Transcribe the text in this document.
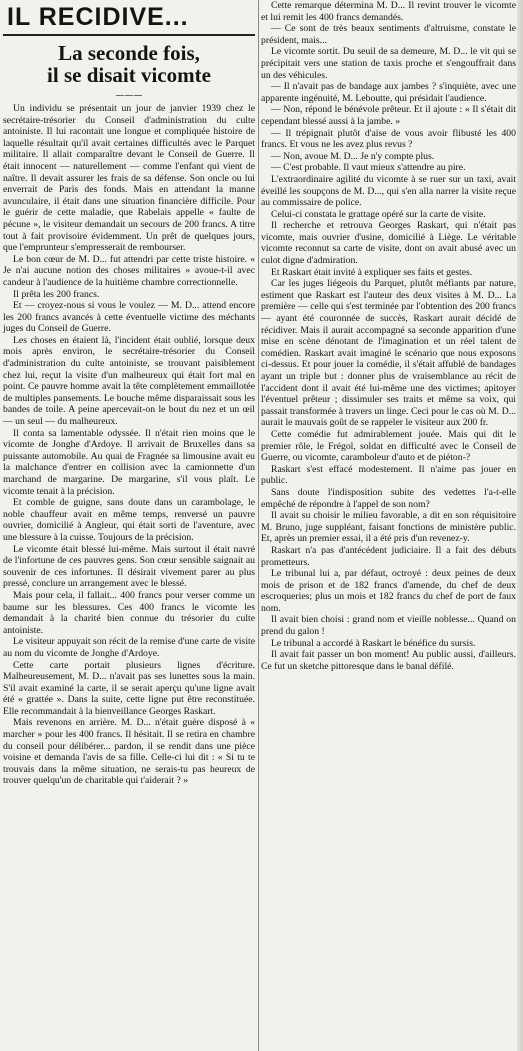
IL RECIDIVE...
La seconde fois,
il se disait vicomte
———

Un individu se présentait un jour de janvier 1939 chez le secrétaire-trésorier du Conseil d'administration du culte antoiniste. Il lui racontait une longue et compliquée histoire de laquelle résultait qu'il avait certaines difficultés avec le Parquet militaire. Il allait comparaître devant le Conseil de Guerre. Il était innocent — naturellement — comme l'enfant qui vient de naître. Il devait assurer les frais de sa défense. Son oncle ou lui enverrait de Paris des fonds. Mais en attendant la manne avunculaire, il était dans une situation financière difficile. Pour le guérir de cette maladie, que Rabelais appelle « faulte de pécune », le visiteur demandait un secours de 200 francs. A titre tout à fait provisoire évidemment. Un prêt de quelques jours, que l'emprunteur s'empresserait de rembourser.

Le bon cœur de M. D... fut attendri par cette triste histoire. « Je n'ai aucune notion des choses militaires » avoue-t-il avec candeur à l'audience de la huitième chambre correctionnelle.

Il prêta les 200 francs.

Et — croyez-nous si vous le voulez — M. D... attend encore les 200 francs avancés à cette éventuelle victime des méchants juges du Conseil de Guerre.

Les choses en étaient là, l'incident était oublié, lorsque deux mois après environ, le secrétaire-trésorier du Conseil d'administration du culte antoiniste, se trouvant paisiblement chez lui, reçut la visite d'un malheureux qui était fort mal en point. Ce pauvre homme avait la tête complètement emmaillotée de multiples pansements. Le bouche même disparaissait sous les bandes de toile. A peine apercevait-on le bout du nez et un œil — un seul — du malheureux.

Il conta sa lamentable odyssée. Il n'était rien moins que le vicomte de Jonghe d'Ardoye. Il arrivait de Bruxelles dans sa puissante automobile. Au quai de Fragnée sa limousine avait eu la malchance d'entrer en collision avec la camionnette d'un marchand de margarine. De margarine, s'il vous plaît. Le vicomte tenait à la précision.

Et comble de guigne, sans doute dans un carambolage, le noble chauffeur avait en même temps, renversé un pauvre ouvrier, domicilié à Angleur, qui était sorti de l'aventure, avec une blessure à la cuisse. Toujours de la précision.

Le vicomte était blessé lui-même. Mais surtout il était navré de l'infortune de ces pauvres gens. Son cœur sensible saignait au souvenir de ces infortunes. Il désirait vivement parer au plus pressé, conclure un arrangement avec le blessé.

Mais pour cela, il fallait... 400 francs pour verser comme un baume sur les blessures. Ces 400 francs le vicomte les demandait à la charité bien connue du trésorier du culte antoiniste.

Le visiteur appuyait son récit de la remise d'une carte de visite au nom du vicomte de Jonghe d'Ardoye.

Cette carte portait plusieurs lignes d'écriture. Malheureusement, M. D... n'avait pas ses lunettes sous la main. S'il avait examiné la carte, il se serait aperçu qu'une ligne avait été « grattée ». Dans la suite, cette ligne put être reconstituée. Elle recommandait à la bienveillance Georges Raskart.

Mais revenons en arrière. M. D... n'était guère disposé à « marcher » pour les 400 francs. Il hésitait. Il se retira en chambre du conseil pour délibérer... pardon, il se rendit dans une pièce voisine et demanda l'avis de sa fille. Celle-ci lui dit : « Si tu te trouvais dans la même situation, ne serais-tu pas heureux de trouver quelqu'un de charitable qui t'aiderait ? »

Cette remarque détermina M. D... Il revint trouver le vicomte et lui remit les 400 francs demandés.

— Ce sont de très beaux sentiments d'altruisme, constate le président, mais...

Le vicomte sortit. Du seuil de sa demeure, M. D... le vit qui se précipitait vers une station de taxis proche et s'engouffrait dans un des véhicules.

— Il n'avait pas de bandage aux jambes ? s'inquiète, avec une apparente ingénuité, M. Leboutte, qui présidait l'audience.

— Non, répond le bénévole prêteur. Et il ajoute : « Il s'était dit cependant blessé aussi à la jambe. »

— Il trépignait plutôt d'aise de vous avoir flibusté les 400 francs. Et vous ne les avez plus revus ?

— Non, avoue M. D... Je n'y compte plus.

— C'est probable. Il vaut mieux s'attendre au pire.

L'extraordinaire agilité du vicomte à se ruer sur un taxi, avait éveillé les soupçons de M. D..., qui s'en alla narrer la visite reçue au commissaire de police.

Celui-ci constata le grattage opéré sur la carte de visite.

Il recherche et retrouva Georges Raskart, qui n'était pas vicomte, mais ouvrier d'usine, domicilié à Liège. Le véritable vicomte reconnut sa carte de visite, dont on avait abusé avec un culot digne d'admiration.

Et Raskart était invité à expliquer ses faits et gestes.

Car les juges liégeois du Parquet, plutôt méfiants par nature, estiment que Raskart est l'auteur des deux visites à M. D... La première — celle qui s'est terminée par l'obtention des 200 francs — ayant été couronnée de succès, Raskart aurait décidé de récidiver. Mais il aurait accompagné sa seconde apparition d'une mise en scène dénotant de l'imagination et un réel talent de comédien. Raskart avait imaginé le scénario que nous exposons ci-dessus. Et pour jouer la comédie, il s'était affublé de bandages ayant un triple but : donner plus de vraisemblance au récit de l'accident dont il avait été lui-même une des victimes; apitoyer l'éventuel prêteur ; dissimuler ses traits et même sa voix, qui passait transformée à travers un linge. Ceci pour le cas où M. D... aurait le mauvais goût de se rappeler le visiteur aux 200 fr.

Cette comédie fut admirablement jouée. Mais qui dit le premier rôle, le Frégol, soldat en difficulté avec le Conseil de Guerre, ou vicomte, caramboleur d'auto et de piéton-?

Raskart s'est effacé modestement. Il n'aime pas jouer en public.

Sans doute l'indisposition subite des vedettes l'a-t-elle empêché de répondre à l'appel de son nom?

Il avait su choisir le milieu favorable, a dit en son réquisitoire M. Bruno, juge suppléant, faisant fonctions de ministère public. Et, après un premier essai, il a été pris d'un revenez-y.

Raskart n'a pas d'antécédent judiciaire. Il a fait des débuts prometteurs.

Le tribunal lui a, par défaut, octroyé : deux peines de deux mois de prison et de 182 francs d'amende, du chef de deux escroqueries; plus un mois et 182 francs du chef de port de faux nom.

Il avait bien choisi : grand nom et vieille noblesse... Quand on prend du galon !

Le tribunal a accordé à Raskart le bénéfice du sursis.

Il avait fait passer un bon moment! Au public aussi, d'ailleurs. Ce fut un sketche pittoresque dans le banal défilé.
